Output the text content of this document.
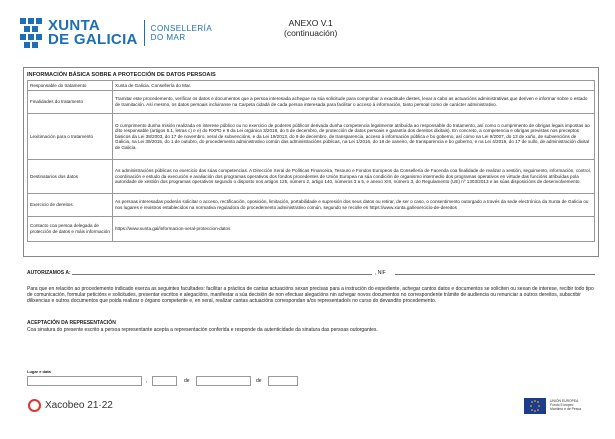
XUNTA
DE GALICIA
CONSELLERÍA
DO MAR
ANEXO V.1
(continuación)
INFORMACIÓN BÁSICA SOBRE A PROTECCIÓN DE DATOS PERSOAIS
Responsable do tratamento	Xunta de Galicia. Consellería do Mar.
Finalidades do tratamento	Tramitar este procedemento, verificar os datos e documentos que a persoa interesada achegue na súa solicitude para comprobar a exactitude destes, levar a cabo as actuacións administrativas que deriven e informar sobre o estado de tramitación. Así mesmo, os datos persoais incluiranse na Carpeta cidadá de cada persoa interesada para facilitar o acceso á información, tanto persoal como de carácter administrativo.
Lexitimación para o tratamento	O cumprimento dunha misión realizada en interese público ou no exercicio de poderes públicos derivada dunha competencia legalmente atribuída ao responsable do tratamento, así como o cumprimento de obrigas legais impostas ao dito responsable (artigos 6.1, letras c) e e) do RXPD e 8 da Lei orgánica 3/2018, do 5 de decembro, de protección de datos persoais e garantía dos dereitos dixitais). En concreto, a competencia e obrigas previstas nos preceptos básicos da Lei 38/2003, do 17 de novembro, xeral de subvencións, e da Lei 19/2013, do 9 de decembro, de transparencia, acceso á información pública e bo goberno, así como na Lei 9/2007, do 13 de xuño, de subvencións de Galicia, na Lei 39/2015, do 1 de outubro, do procedemento administrativo común das administracións públicas, na Lei 1/2016, do 18 de xaneiro, de transparencia e bo goberno, e na Lei 4/2019, do 17 de xullo, de administración dixital de Galicia.
Destinatarios dos datos	As administracións públicas no exercicio das súas competencias. A Dirección Xeral de Políticas Financeira, Tesouro e Fondos Europeos da Consellería de Facenda coa finalidade de realizar a xestión, seguimento, información, control, coordinación e estudo da execución e avaliación dos programas operativos dos fondos procedentes de Unión Europea na súa condición de organismo intermedio dos programas operativos en virtude das funcións atribuídas pola autoridade de xestión dos programas operativos segundo o disposto nos artigos 125, número 2, artigo 140, números 3 a 5, e anexo XIII, número 3, do Regulamento (UE) nº 1303/2013 e as súas disposicións de desenvolvemento.
Exercicio de dereitos	As persoas interesadas poderán solicitar o acceso, rectificación, oposición, limitación, portabilidade e supresión dos seus datos ou retirar, de ser o caso, o consentimento outorgado a través da sede electrónica da Xunta de Galicia ou nos lugares e rexistros establecidos na normativa reguladora do procedemento administrativo común, segundo se recolle en https://www.xunta.gal/exercicio-de-dereitos
Contacto coa persoa delegada de protección de datos e máis información	https://www.xunta.gal/informacion-xeral-proteccion-datos
AUTORIZAMOS A:	, NIF
Para que en relación ao procedemento indicado exerza as seguintes facultades: facilitar a práctica de cantas actuacións sexan precisas para a instrución do expediente, achegar cantos datos e documentos se soliciten ou sexan de interese, recibir todo tipo de comunicación, formular peticións e solicitudes, presentar escritos e alegacións, manifestar a súa decisión de non efectuar alegacións nin achegar novos documentos no correspondente trámite de audiencia ou renunciar a outros dereitos, subscribir dilixencias e outros documentos que poida realizar o órgano competente e, en xeral, realizar cantas actuacións correspondan a/os representado/s no curso do devandito procedemento.
ACEPTACIÓN DA REPRESENTACIÓN
Coa sinatura do presente escrito a persoa representante acepta a representación conferida e responde da autenticidade da sinatura das persoas outorgantes.
Lugar e data
,	de	de
Xacobeo 21·22	UNIÓN EUROPEA
Fondo Europeo
Marítimo e de Pesca
